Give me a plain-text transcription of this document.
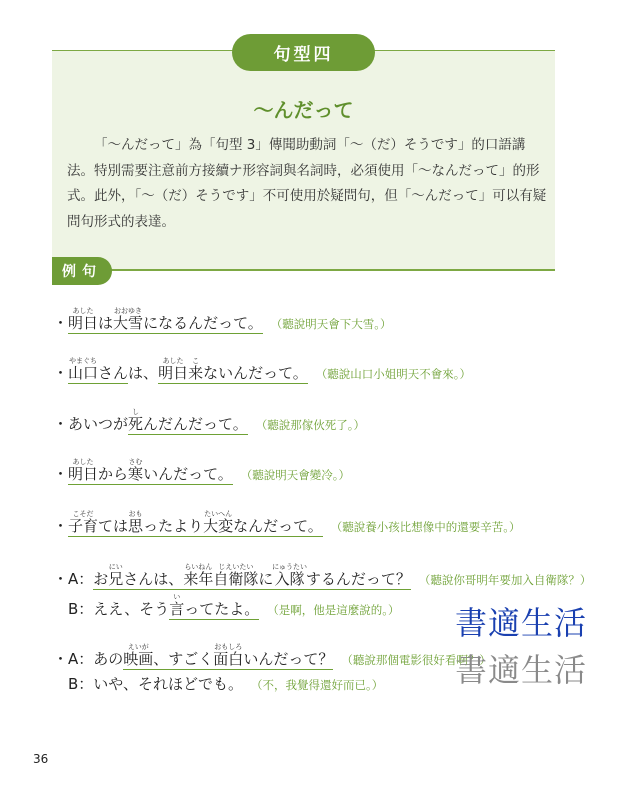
句型四
〜んだって
「〜んだって」為「句型 3」傳聞助動詞「〜（だ）そうです」的口語講法。特別需要注意前方接續ナ形容詞與名詞時，必須使用「〜なんだって」的形式。此外，「〜（だ）そうです」不可使用於疑問句，但「〜んだって」可以有疑問句形式的表達。
例句
・明日あしたは大雪おおゆきになるんだって。 （聽說明天會下大雪。）
・山口やまぐちさんは、明日あした来こないんだって。 （聽說山口小姐明天不會來。）
・あいつが死しんだんだって。 （聽說那傢伙死了。）
・明日あしたから寒さむいんだって。 （聽說明天會變冷。）
・子育こそだては思おもったより大変たいへんなんだって。 （聽說養小孩比想像中的還要辛苦。）
・A：お兄にいさんは、来年らいねん自衛隊じえいたいに入隊にゅうたいするんだって？ （聽說你哥明年要加入自衛隊？）
　B：ええ、そう言いってたよ。 （是啊，他是這麼說的。）
・A：あの映画えいが、すごく面白おもしろいんだって？ （聽說那個電影很好看啊？）
　B：いや、それほどでも。 （不，我覺得還好而已。）
書適生活
書適生活
36
